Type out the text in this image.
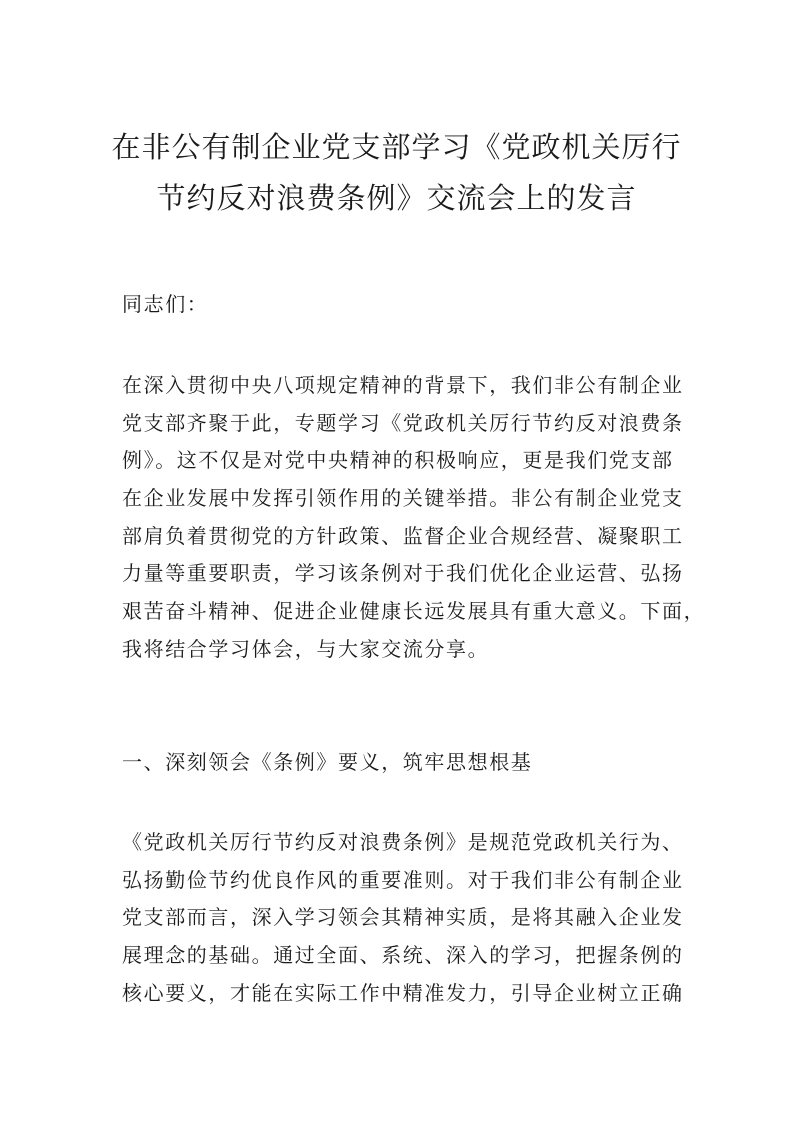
在非公有制企业党支部学习《党政机关厉行
节约反对浪费条例》交流会上的发言
同志们：
在深入贯彻中央八项规定精神的背景下，我们非公有制企业
党支部齐聚于此，专题学习《党政机关厉行节约反对浪费条
例》。这不仅是对党中央精神的积极响应，更是我们党支部
在企业发展中发挥引领作用的关键举措。非公有制企业党支
部肩负着贯彻党的方针政策、监督企业合规经营、凝聚职工
力量等重要职责，学习该条例对于我们优化企业运营、弘扬
艰苦奋斗精神、促进企业健康长远发展具有重大意义。下面，
我将结合学习体会，与大家交流分享。
一、深刻领会《条例》要义，筑牢思想根基
《党政机关厉行节约反对浪费条例》是规范党政机关行为、
弘扬勤俭节约优良作风的重要准则。对于我们非公有制企业
党支部而言，深入学习领会其精神实质，是将其融入企业发
展理念的基础。通过全面、系统、深入的学习，把握条例的
核心要义，才能在实际工作中精准发力，引导企业树立正确
